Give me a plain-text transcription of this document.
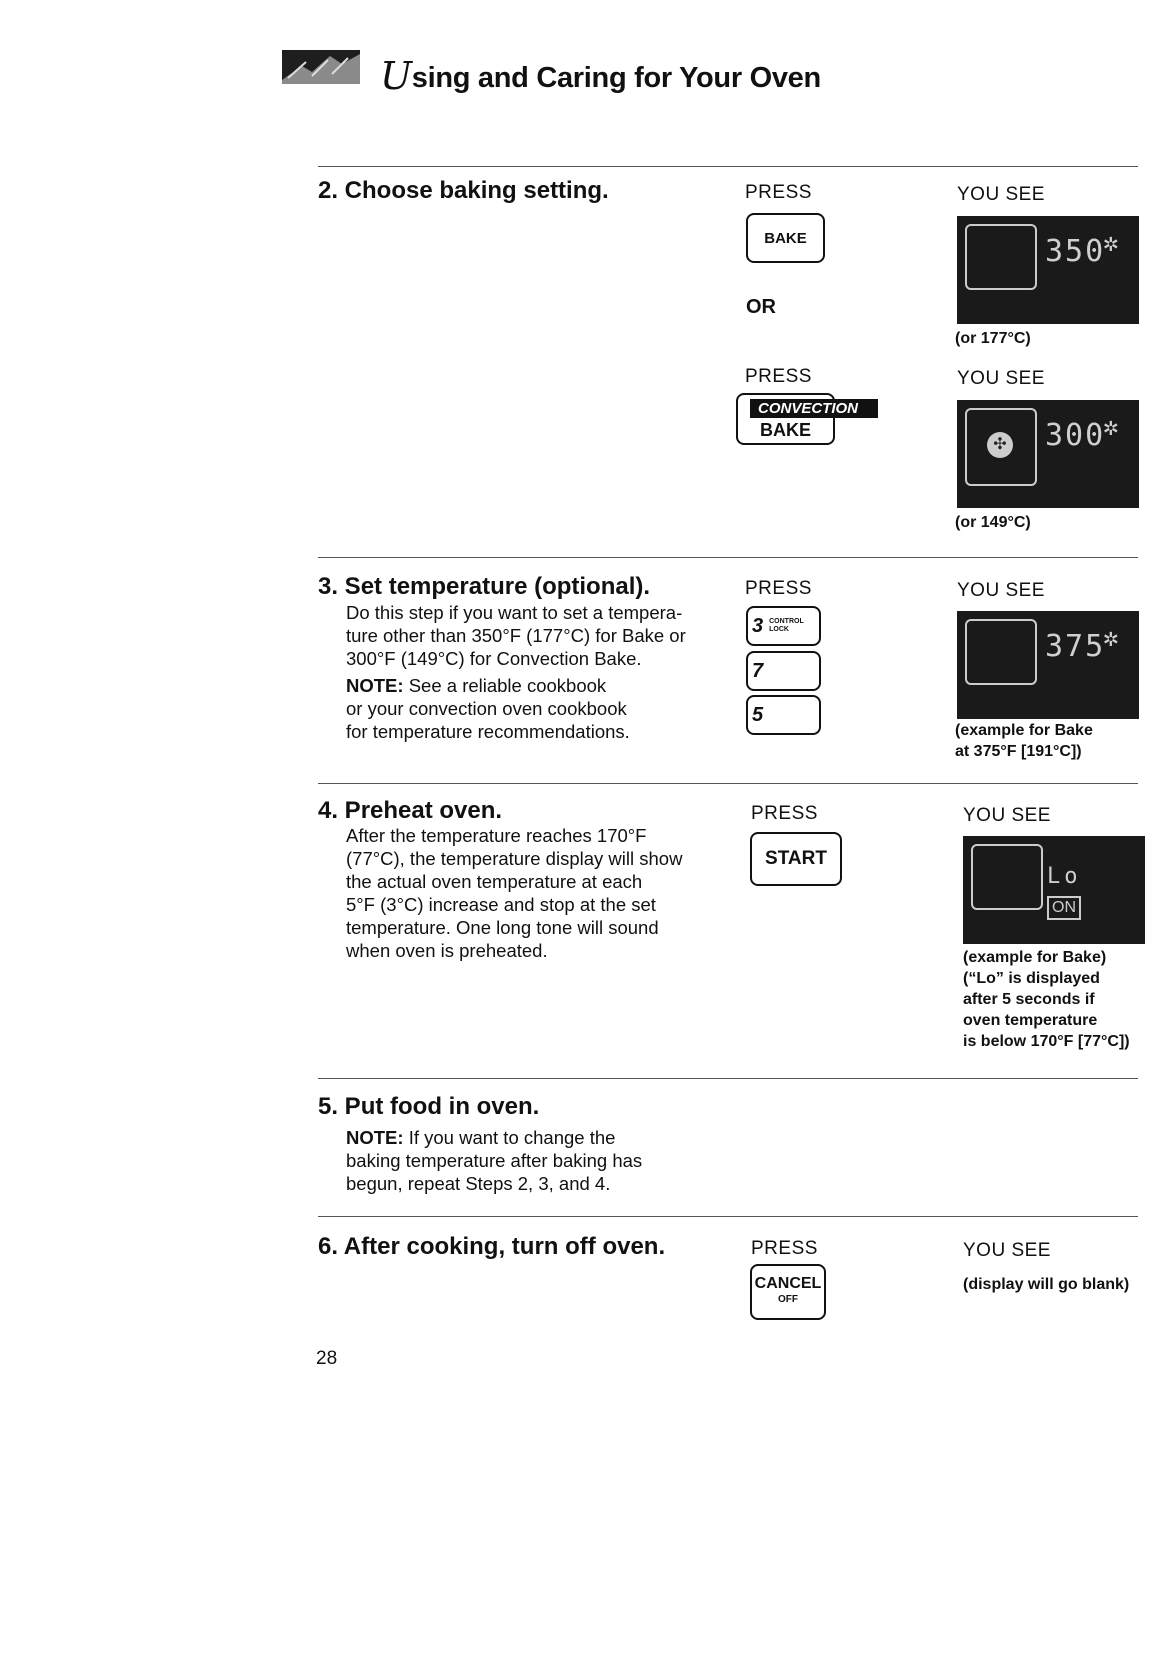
Using and Caring for Your Oven
2. Choose baking setting.	PRESS	YOU SEE
BAKE
OR
350
✲
(or 177°C)
PRESS	YOU SEE
CONVECTION
BAKE
✣ 300
✲
(or 149°C)
3. Set temperature (optional).
Do this step if you want to set a tempera-
ture other than 350°F (177°C) for Bake or
300°F (149°C) for Convection Bake.
NOTE: See a reliable cookbook
or your convection oven cookbook
for temperature recommendations.
PRESS	YOU SEE
3 CONTROL LOCK
7
5
375
✲
(example for Bake
at 375°F [191°C])
4. Preheat oven.
After the temperature reaches 170°F
(77°C), the temperature display will show
the actual oven temperature at each
5°F (3°C) increase and stop at the set
temperature. One long tone will sound
when oven is preheated.
PRESS	YOU SEE
START
Lo
ON
(example for Bake)
(“Lo” is displayed
after 5 seconds if
oven temperature
is below 170°F [77°C])
5. Put food in oven.
NOTE: If you want to change the
baking temperature after baking has
begun, repeat Steps 2, 3, and 4.
6. After cooking, turn off oven.	PRESS	YOU SEE
CANCEL
OFF
(display will go blank)
28
